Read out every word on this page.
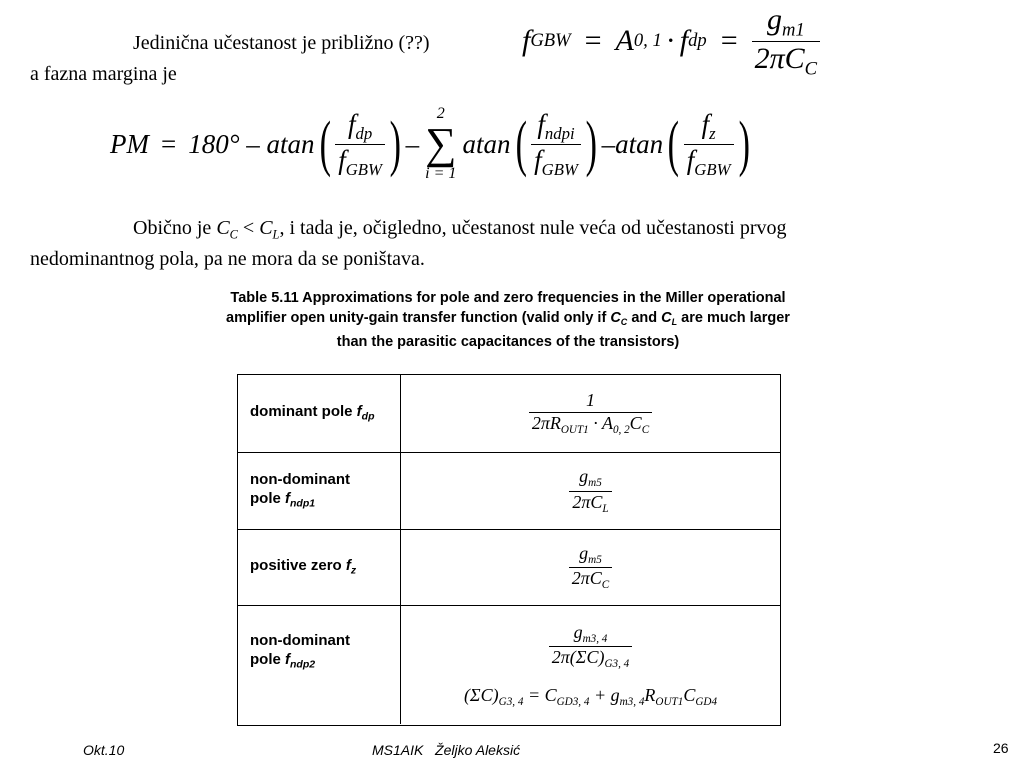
Jedinična učestanost je približno (??)
a fazna margina je
f GBW = A 0, 1 · f dp = $\frac{g_{m1}}{2\pi C_C}$
PM = 180° – atan ( $\frac{f_{dp}}{f_{GBW}}$ ) –
2
∑
i = 1
atan ( $\frac{f_{ndpi}}{f_{GBW}}$ ) –atan ( $\frac{f_z}{f_{GBW}}$ )
Obično je $C_C < C_L$, i tada je, očigledno, učestanost nule veća od učestanosti prvog
nedominantnog pola, pa ne mora da se poništava.
Table 5.11 Approximations for pole and zero frequencies in the Miller operational
amplifier open unity-gain transfer function (valid only if $C_C$ and $C_L$ are much larger
than the parasitic capacitances of the transistors)
dominant pole $f_{dp}$	$\frac{1}{2\pi R_{OUT1} \cdot A_{0, 2}C_C}$
non-dominant
pole $f_{ndp1}$	$\frac{g_{m5}}{2\pi C_L}$
positive zero $f_z$	$\frac{g_{m5}}{2\pi C_C}$
non-dominant
pole $f_{ndp2}$	$\frac{g_{m3, 4}}{2\pi(\Sigma C)_{G3, 4}}$
$(\Sigma C)_{G3, 4} = C_{GD3, 4} + g_{m3, 4}R_{OUT1}C_{GD4}$
Okt.10	MS1AIK   Željko Aleksić	26
